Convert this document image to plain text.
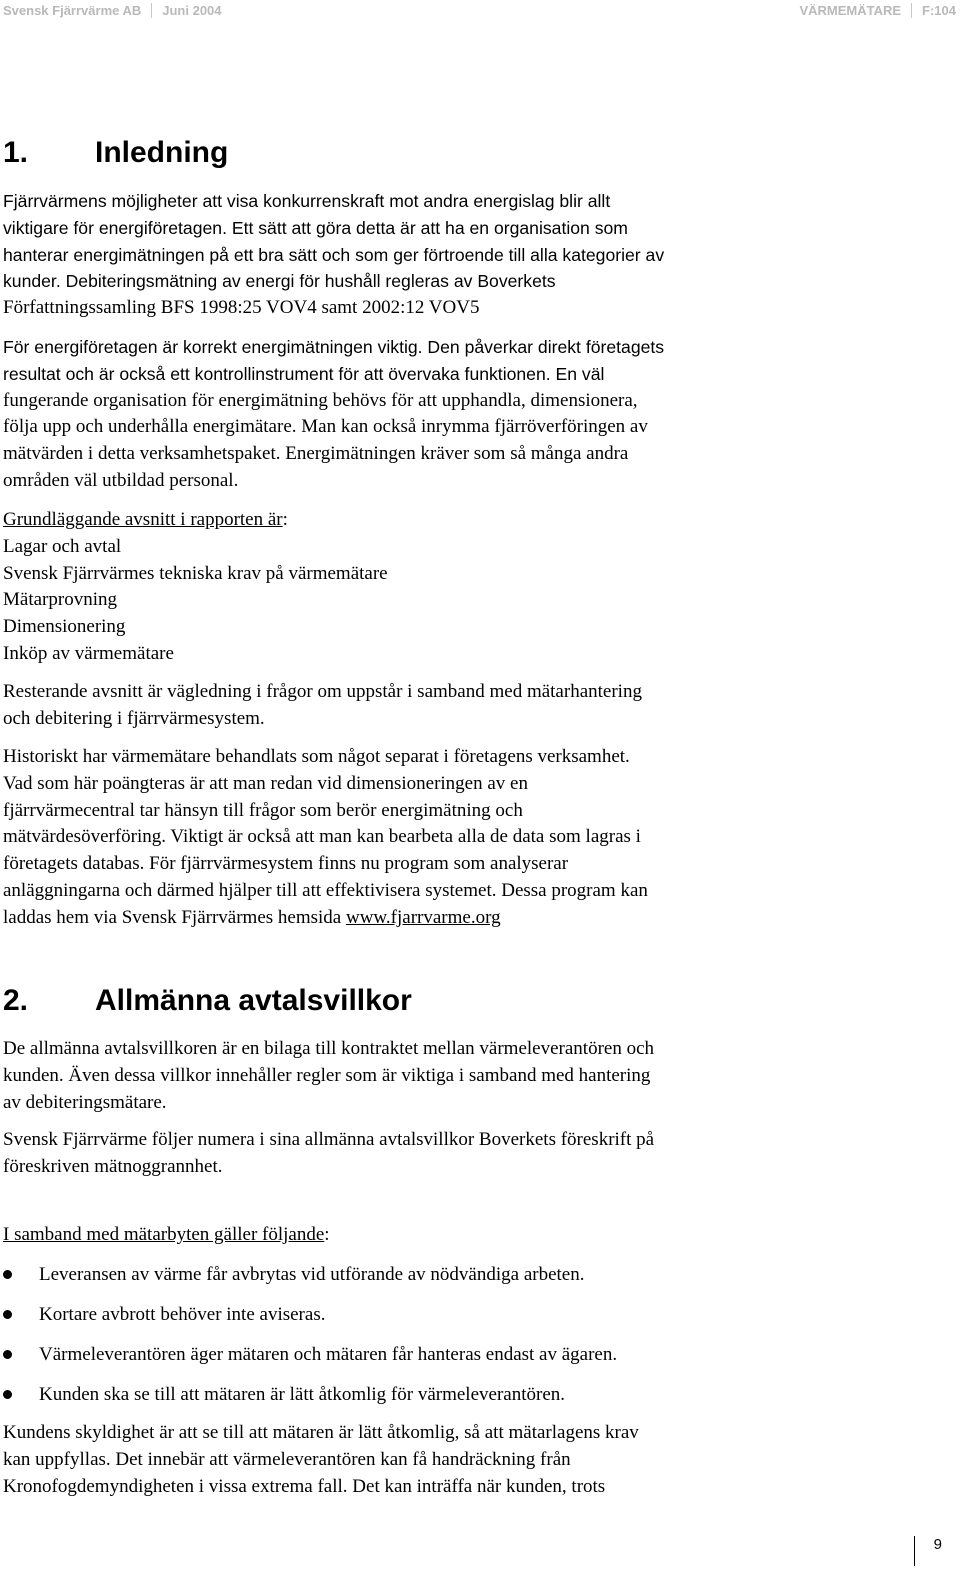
Svensk Fjärrvärme AB Juni 2004	VÄRMEMÄTARE F:104
1. Inledning
Fjärrvärmens möjligheter att visa konkurrenskraft mot andra energislag blir allt
viktigare för energiföretagen. Ett sätt att göra detta är att ha en organisation som
hanterar energimätningen på ett bra sätt och som ger förtroende till alla kategorier av
kunder. Debiteringsmätning av energi för hushåll regleras av Boverkets
Författningssamling BFS 1998:25 VOV4 samt 2002:12 VOV5
För energiföretagen är korrekt energimätningen viktig. Den påverkar direkt företagets
resultat och är också ett kontrollinstrument för att övervaka funktionen. En väl
fungerande organisation för energimätning behövs för att upphandla, dimensionera,
följa upp och underhålla energimätare. Man kan också inrymma fjärröverföringen av
mätvärden i detta verksamhetspaket. Energimätningen kräver som så många andra
områden väl utbildad personal.
Grundläggande avsnitt i rapporten är:
Lagar och avtal
Svensk Fjärrvärmes tekniska krav på värmemätare
Mätarprovning
Dimensionering
Inköp av värmemätare
Resterande avsnitt är vägledning i frågor om uppstår i samband med mätarhantering
och debitering i fjärrvärmesystem.
Historiskt har värmemätare behandlats som något separat i företagens verksamhet.
Vad som här poängteras är att man redan vid dimensioneringen av en
fjärrvärmecentral tar hänsyn till frågor som berör energimätning och
mätvärdesöverföring. Viktigt är också att man kan bearbeta alla de data som lagras i
företagets databas. För fjärrvärmesystem finns nu program som analyserar
anläggningarna och därmed hjälper till att effektivisera systemet. Dessa program kan
laddas hem via Svensk Fjärrvärmes hemsida www.fjarrvarme.org
2. Allmänna avtalsvillkor
De allmänna avtalsvillkoren är en bilaga till kontraktet mellan värmeleverantören och
kunden. Även dessa villkor innehåller regler som är viktiga i samband med hantering
av debiteringsmätare.
Svensk Fjärrvärme följer numera i sina allmänna avtalsvillkor Boverkets föreskrift på
föreskriven mätnoggrannhet.
I samband med mätarbyten gäller följande:
Leveransen av värme får avbrytas vid utförande av nödvändiga arbeten.
Kortare avbrott behöver inte aviseras.
Värmeleverantören äger mätaren och mätaren får hanteras endast av ägaren.
Kunden ska se till att mätaren är lätt åtkomlig för värmeleverantören.
Kundens skyldighet är att se till att mätaren är lätt åtkomlig, så att mätarlagens krav
kan uppfyllas. Det innebär att värmeleverantören kan få handräckning från
Kronofogdemyndigheten i vissa extrema fall. Det kan inträffa när kunden, trots
9
